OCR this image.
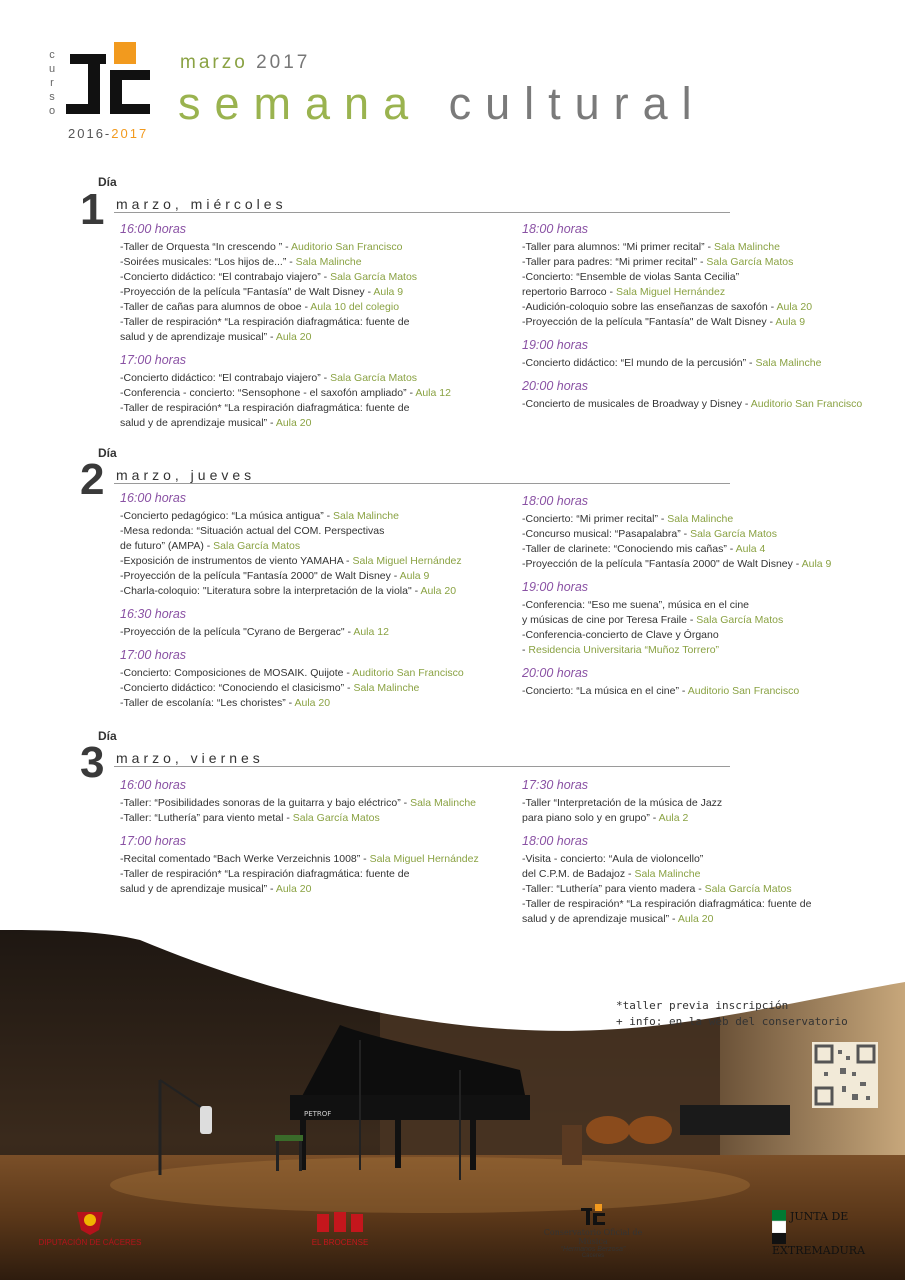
curso
2016-2017
marzo 2017
semana cultural
Día
1 marzo, miércoles
16:00 horas
-Taller de Orquesta “In crescendo ” - Auditorio San Francisco
-Soirées musicales: “Los hijos de...” - Sala Malinche
-Concierto didáctico: “El contrabajo viajero” - Sala García Matos
-Proyección de la película "Fantasía" de Walt Disney - Aula 9
-Taller de cañas para alumnos de oboe - Aula 10 del colegio
-Taller de respiración* “La respiración diafragmática: fuente de
salud y de aprendizaje musical” - Aula 20
17:00 horas
-Concierto didáctico: “El contrabajo viajero” - Sala García Matos
-Conferencia - concierto: “Sensophone - el saxofón ampliado” - Aula 12
-Taller de respiración* “La respiración diafragmática: fuente de
salud y de aprendizaje musical” - Aula 20
18:00 horas
-Taller para alumnos: “Mi primer recital” - Sala Malinche
-Taller para padres: “Mi primer recital” - Sala García Matos
-Concierto: “Ensemble de violas Santa Cecilia”
repertorio Barroco - Sala Miguel Hernández
-Audición-coloquio sobre las enseñanzas de saxofón - Aula 20
-Proyección de la película "Fantasía" de Walt Disney - Aula 9
19:00 horas
-Concierto didáctico: “El mundo de la percusión” - Sala Malinche
20:00 horas
-Concierto de musicales de Broadway y Disney - Auditorio San Francisco
Día
2 marzo, jueves
16:00 horas
-Concierto pedagógico: “La música antigua” - Sala Malinche
-Mesa redonda: “Situación actual del COM. Perspectivas
de futuro” (AMPA) - Sala García Matos
-Exposición de instrumentos de viento YAMAHA - Sala Miguel Hernández
-Proyección de la película "Fantasía 2000" de Walt Disney - Aula 9
-Charla-coloquio: "Literatura sobre la interpretación de la viola" - Aula 20
16:30 horas
-Proyección de la película "Cyrano de Bergerac" - Aula 12
17:00 horas
-Concierto: Composiciones de MOSAIK. Quijote - Auditorio San Francisco
-Concierto didáctico: “Conociendo el clasicismo” - Sala Malinche
-Taller de escolanía: “Les choristes” - Aula 20
18:00 horas
-Concierto: “Mi primer recital” - Sala Malinche
-Concurso musical: “Pasapalabra” - Sala García Matos
-Taller de clarinete: “Conociendo mis cañas” - Aula 4
-Proyección de la película "Fantasía 2000" de Walt Disney - Aula 9
19:00 horas
-Conferencia: “Eso me suena”, música en el cine
y músicas de cine por Teresa Fraile - Sala García Matos
-Conferencia-concierto de Clave y Órgano
- Residencia Universitaria “Muñoz Torrero”
20:00 horas
-Concierto: “La música en el cine” - Auditorio San Francisco
Día
3 marzo, viernes
16:00 horas
-Taller: “Posibilidades sonoras de la guitarra y bajo eléctrico” - Sala Malinche
-Taller: “Luthería” para viento metal - Sala García Matos
17:00 horas
-Recital comentado “Bach Werke Verzeichnis 1008” - Sala Miguel Hernández
-Taller de respiración* “La respiración diafragmática: fuente de
salud y de aprendizaje musical” - Aula 20
17:30 horas
-Taller “Interpretación de la música de Jazz
para piano solo y en grupo” - Aula 2
18:00 horas
-Visita - concierto: “Aula de violoncello”
del C.P.M. de Badajoz - Sala Malinche
-Taller: “Luthería” para viento madera - Sala García Matos
-Taller de respiración* “La respiración diafragmática: fuente de
salud y de aprendizaje musical” - Aula 20
PETROF
*taller previa inscripción
+ info: en la web del conservatorio
DIPUTACIÓN DE CÁCERES	EL BROCENSE
Conservatorio Oficial de Música
“Hermanos Berzosa”
Cáceres
JUNTA DE
EXTREMADURA
